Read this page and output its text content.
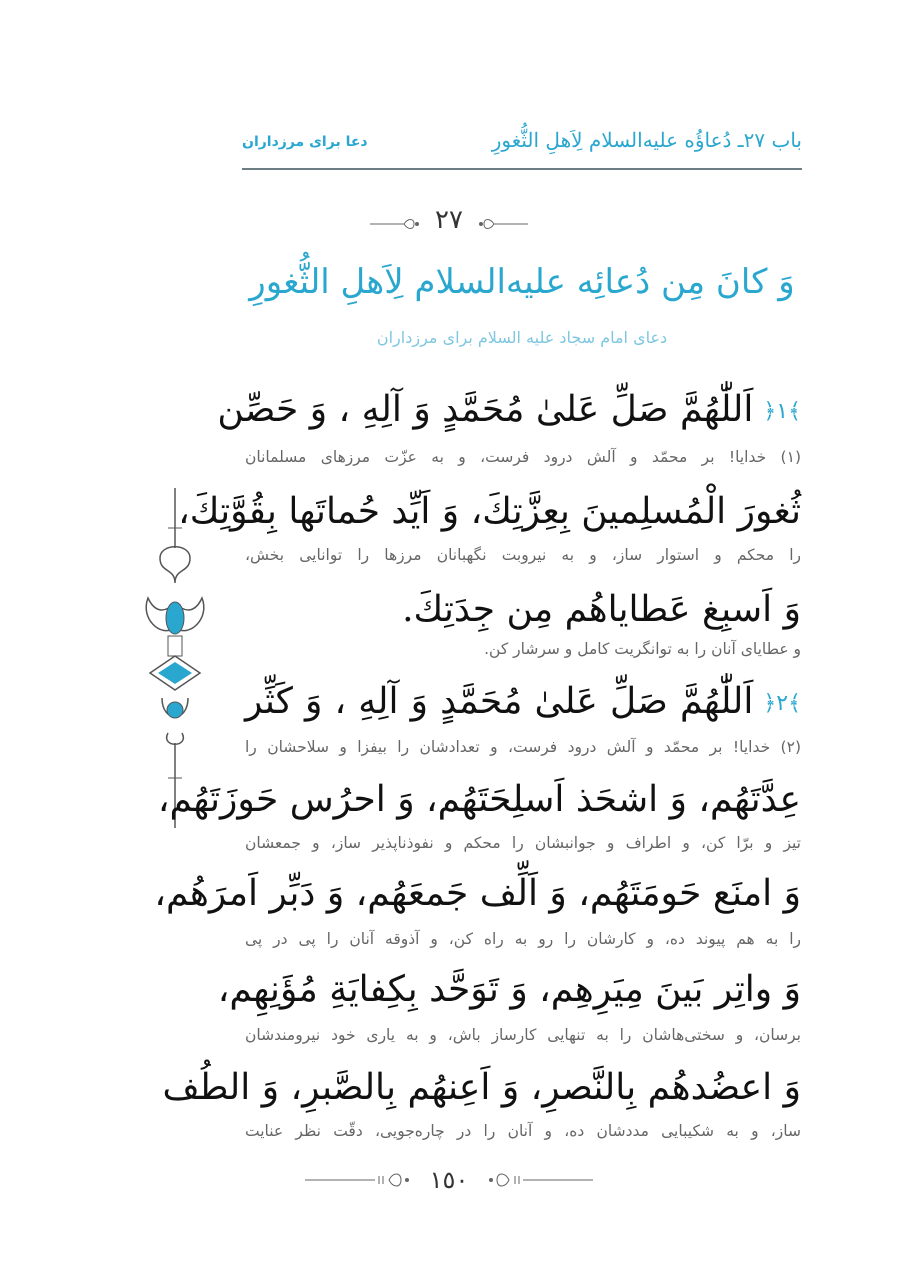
باب ٢٧ـ دُعاؤُه علیه‌السلام لِاَهلِ الثُّغورِ
دعا برای مرزداران
٢٧
وَ كانَ مِن دُعائِه علیه‌السلام لِاَهلِ الثُّغورِ
دعای امام سجاد علیه السلام برای مرزداران
﴾١﴿اَللّٰهُمَّ صَلِّ عَلىٰ مُحَمَّدٍ وَ آلِهِ ، وَ حَصِّن
(١) خدایا! بر محمّد و آلش درود فرست، و به عزّت مرزهای مسلمانان
ثُغورَ الْمُسلِمينَ بِعِزَّتِكَ، وَ اَيِّد حُماتَها بِقُوَّتِكَ،
را محکم و استوار ساز، و به نیروبت نگهبانان مرزها را توانایی بخش،
وَ اَسبِغ عَطاياهُم مِن جِدَتِكَ.
و عطایای آنان را به توانگریت کامل و سرشار کن.
﴾٢﴿اَللّٰهُمَّ صَلِّ عَلىٰ مُحَمَّدٍ وَ آلِهِ ، وَ كَثِّر
(٢) خدایا! بر محمّد و آلش درود فرست، و تعدادشان را بیفزا و سلاحشان را
عِدَّتَهُم، وَ اشحَذ اَسلِحَتَهُم، وَ احرُس حَوزَتَهُم،
تیز و برّا کن، و اطراف و جوانبشان را محکم و نفوذناپذیر ساز، و جمعشان
وَ امنَع حَومَتَهُم، وَ اَلِّف جَمعَهُم، وَ دَبِّر اَمرَهُم،
را به هم پیوند ده، و کارشان را رو به راه کن، و آذوقه آنان را پی در پی
وَ واتِر بَينَ مِيَرِهِم، وَ تَوَحَّد بِكِفايَةِ مُؤَنِهِم،
برسان، و سختی‌هاشان را به تنهایی کارساز باش، و به یاری خود نیرومندشان
وَ اعضُدهُم بِالنَّصرِ، وَ اَعِنهُم بِالصَّبرِ، وَ الطُف
ساز، و به شکیبایی مددشان ده، و آنان را در چاره‌جویی، دقّت نظر عنایت
١٥٠
